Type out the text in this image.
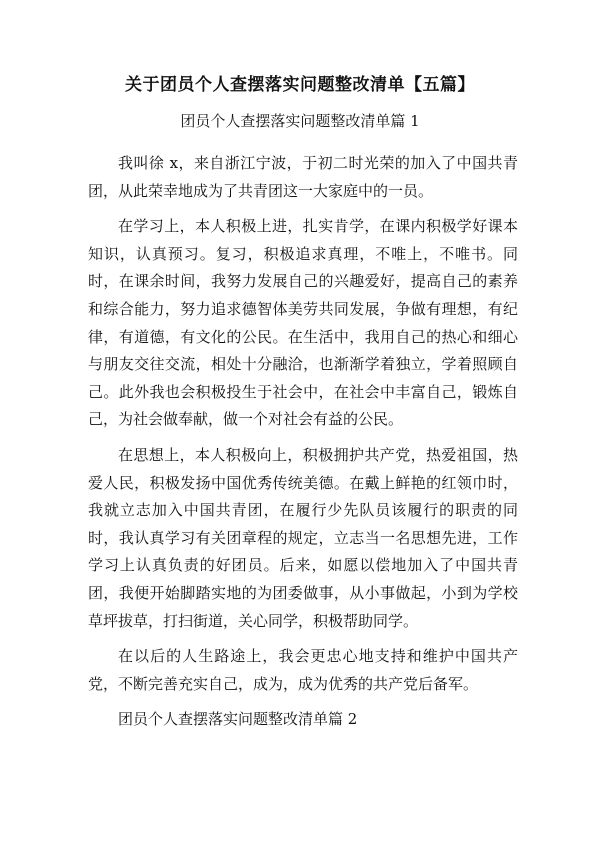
关于团员个人查摆落实问题整改清单【五篇】

团员个人查摆落实问题整改清单篇 1

我叫徐 x，来自浙江宁波，于初二时光荣的加入了中国共青团，从此荣幸地成为了共青团这一大家庭中的一员。

在学习上，本人积极上进，扎实肯学，在课内积极学好课本知识，认真预习。复习，积极追求真理，不唯上，不唯书。同时，在课余时间，我努力发展自己的兴趣爱好，提高自己的素养和综合能力，努力追求德智体美劳共同发展，争做有理想，有纪律，有道德，有文化的公民。在生活中，我用自己的热心和细心与朋友交往交流，相处十分融洽，也渐渐学着独立，学着照顾自己。此外我也会积极投生于社会中，在社会中丰富自己，锻炼自己，为社会做奉献，做一个对社会有益的公民。

在思想上，本人积极向上，积极拥护共产党，热爱祖国，热爱人民，积极发扬中国优秀传统美德。在戴上鲜艳的红领巾时，我就立志加入中国共青团，在履行少先队员该履行的职责的同时，我认真学习有关团章程的规定，立志当一名思想先进，工作学习上认真负责的好团员。后来，如愿以偿地加入了中国共青团，我便开始脚踏实地的为团委做事，从小事做起，小到为学校草坪拔草，打扫街道，关心同学，积极帮助同学。

在以后的人生路途上，我会更忠心地支持和维护中国共产党，不断完善充实自己，成为，成为优秀的共产党后备军。

团员个人查摆落实问题整改清单篇 2
